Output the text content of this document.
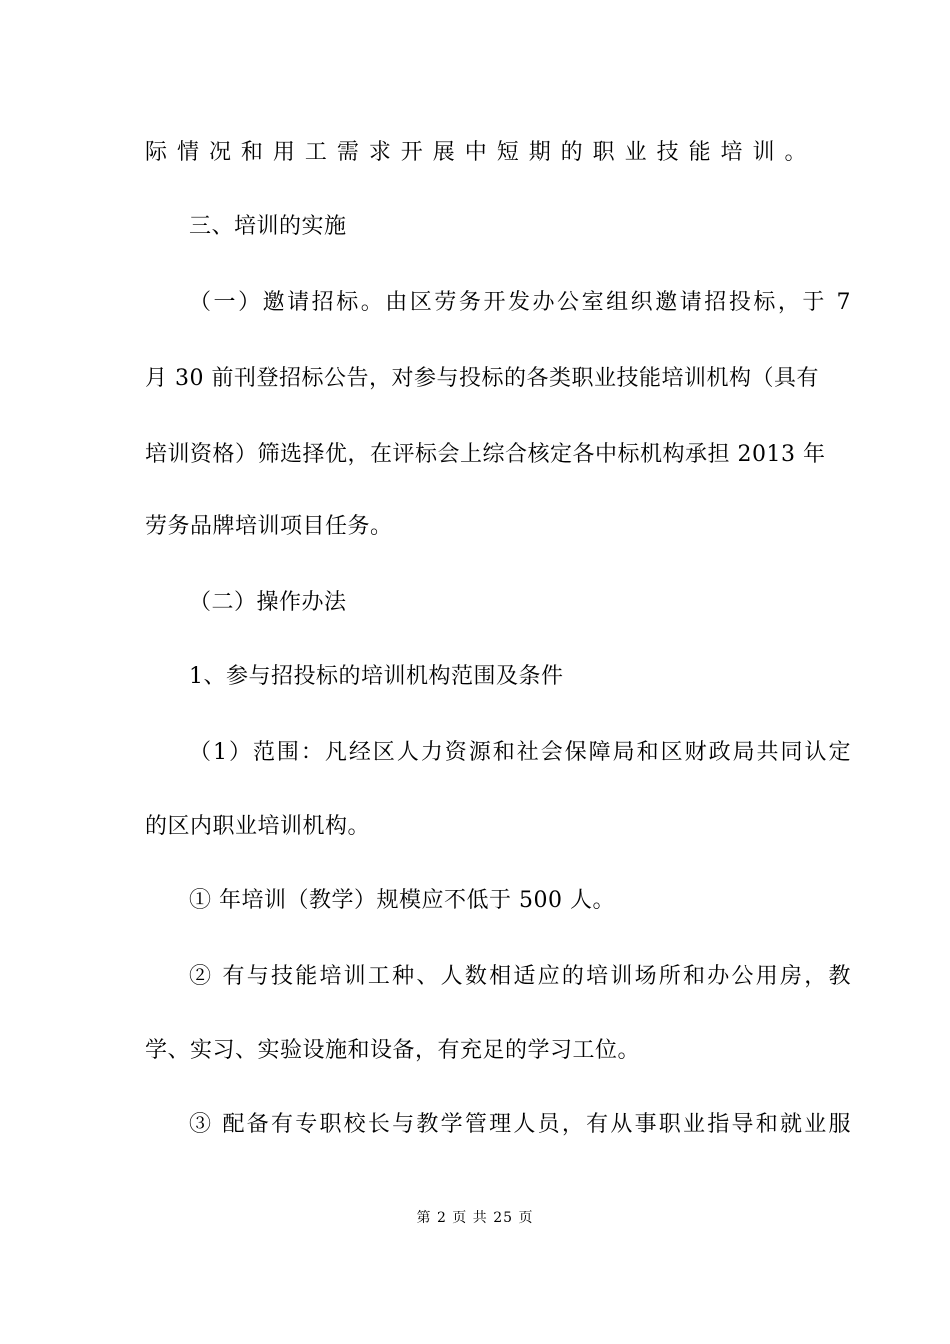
际情况和用工需求开展中短期的职业技能培训。
三、培训的实施
（一）邀请招标。由区劳务开发办公室组织邀请招投标，于 7
月 30 前刊登招标公告，对参与投标的各类职业技能培训机构（具有
培训资格）筛选择优，在评标会上综合核定各中标机构承担 2013 年
劳务品牌培训项目任务。
（二）操作办法
1、参与招投标的培训机构范围及条件
（1）范围：凡经区人力资源和社会保障局和区财政局共同认定
的区内职业培训机构。
① 年培训（教学）规模应不低于 500 人。
② 有与技能培训工种、人数相适应的培训场所和办公用房，教
学、实习、实验设施和设备，有充足的学习工位。
③ 配备有专职校长与教学管理人员，有从事职业指导和就业服
第 2 页 共 25 页
